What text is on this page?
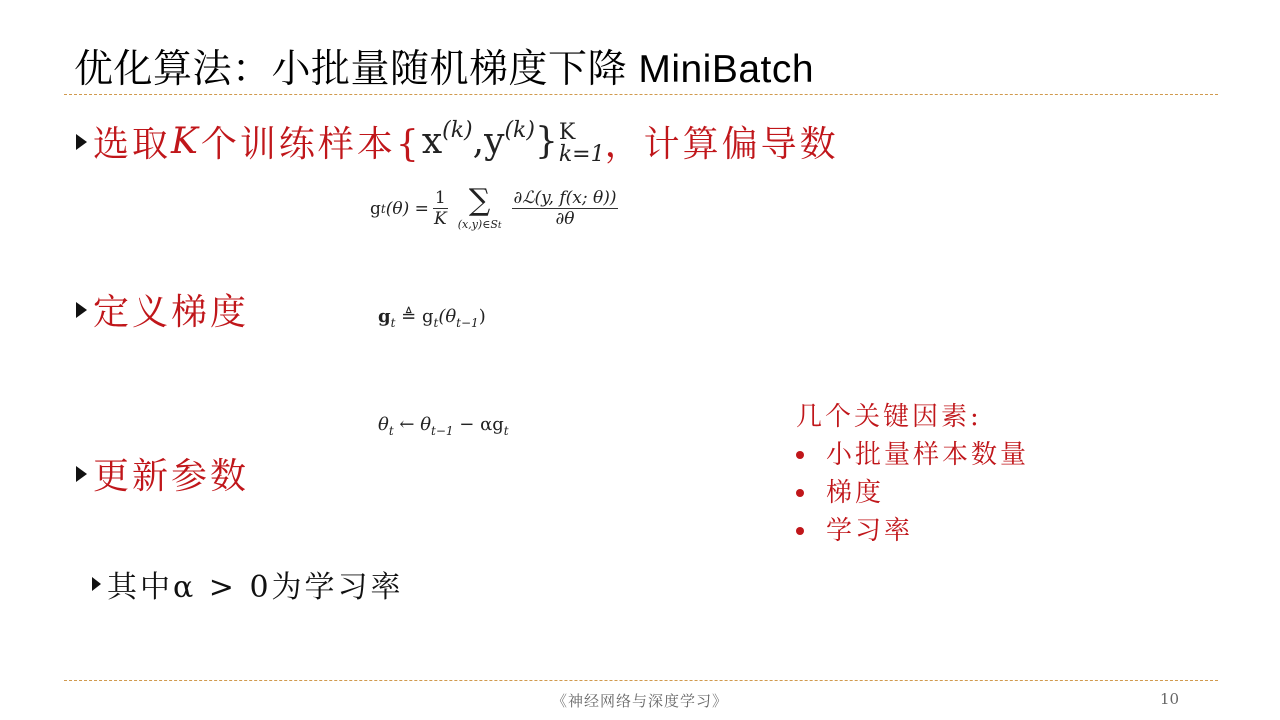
优化算法：小批量随机梯度下降 MiniBatch
选取 K 个训练样本{ $x^{(k)},y^{(k)}$} K
k=1 ，计算偏导数
g t $(\theta) = \frac{1}{K}$ ∑
(x,y)∈St $\frac{\text{∂ℒ(y, f(x; θ))}}{\partial\theta}$
定义梯度	$g_t$ ≜ $g_t(\theta_{t-1})$
$\theta_t$ ← $\theta_{t-1} - \alpha g_t$
更新参数
其中α > 0为学习率
几个关键因素:
小批量样本数量
梯度
学习率
《神经网络与深度学习》	10
